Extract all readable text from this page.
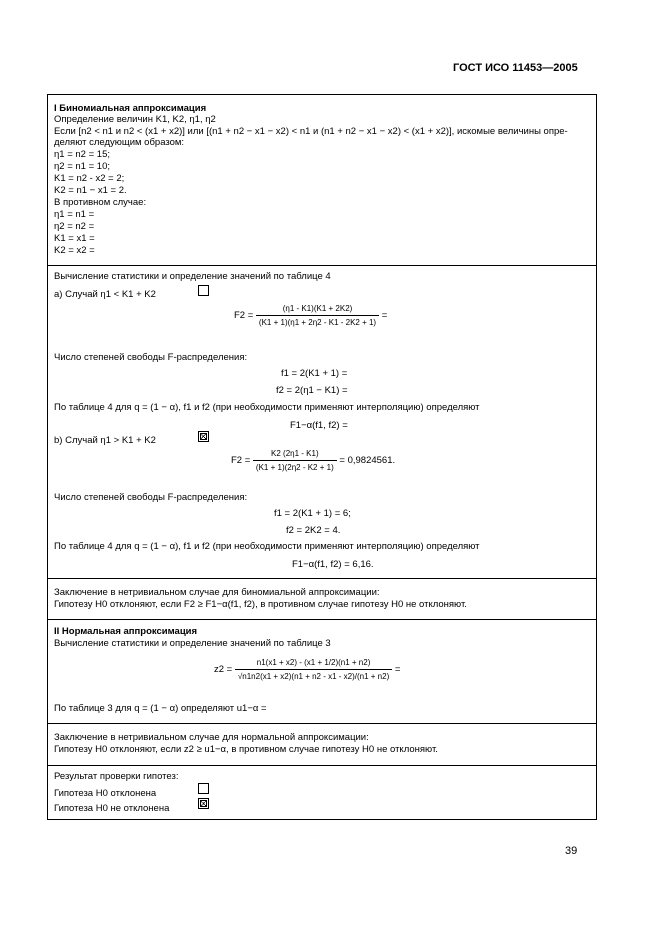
ГОСТ ИСО 11453—2005
I Биномиальная аппроксимация
Определение величин K1, K2, η1, η2
Если [n2 < n1 и n2 < (x1 + x2)] или [(n1 + n2 − x1 − x2) < n1 и (n1 + n2 − x1 − x2) < (x1 + x2)], искомые величины опре-
деляют следующим образом:
η1 = n2 = 15;
η2 = n1 = 10;
K1 = n2 - x2 = 2;
K2 = n1 − x1 = 2.
В противном случае:
η1 = n1 =
η2 = n2 =
K1 = x1 =
K2 = x2 =
Вычисление статистики и определение значений по таблице 4
a) Случай η1 < K1 + K2
$F2 = \frac{(\eta 1 - K1)(K1 + 2K2)}{(K1 + 1)(\eta 1 + 2\eta 2 - K1 - 2K2 + 1)}$ =
Число степеней свободы F-распределения:
f1 = 2(K1 + 1) =
f2 = 2(η1 − K1) =
По таблице 4 для q = (1 − α), f1 и f2 (при необходимости применяют интерполяцию) определяют
F1−α(f1, f2) =
b) Случай η1 > K1 + K2
$F2 = \frac{K2 (2\eta 1 - K1)}{(K1 + 1)(2\eta 2 - K2 + 1)} = 0,9824561$.
Число степеней свободы F-распределения:
f1 = 2(K1 + 1) = 6;
f2 = 2K2 = 4.
По таблице 4 для q = (1 − α), f1 и f2 (при необходимости применяют интерполяцию) определяют
F1−α(f1, f2) = 6,16.
Заключение в нетривиальном случае для биномиальной аппроксимации:
Гипотезу H0 отклоняют, если F2 ≥ F1−α(f1, f2), в противном случае гипотезу H0 не отклоняют.
II Нормальная аппроксимация
Вычисление статистики и определение значений по таблице 3
$z2 = \frac{n1(x1 + x2) - (x1 + 1/2)(n1 + n2)}{√n1n2(x1 + x2)(n1 + n2 - x1 - x2)/(n1 + n2)}$ =
По таблице 3 для q = (1 − α) определяют u1−α =
Заключение в нетривиальном случае для нормальной аппроксимации:
Гипотезу H0 отклоняют, если z2 ≥ u1−α, в противном случае гипотезу H0 не отклоняют.
Результат проверки гипотез:
Гипотеза H0 отклонена
Гипотеза H0 не отклонена
39
